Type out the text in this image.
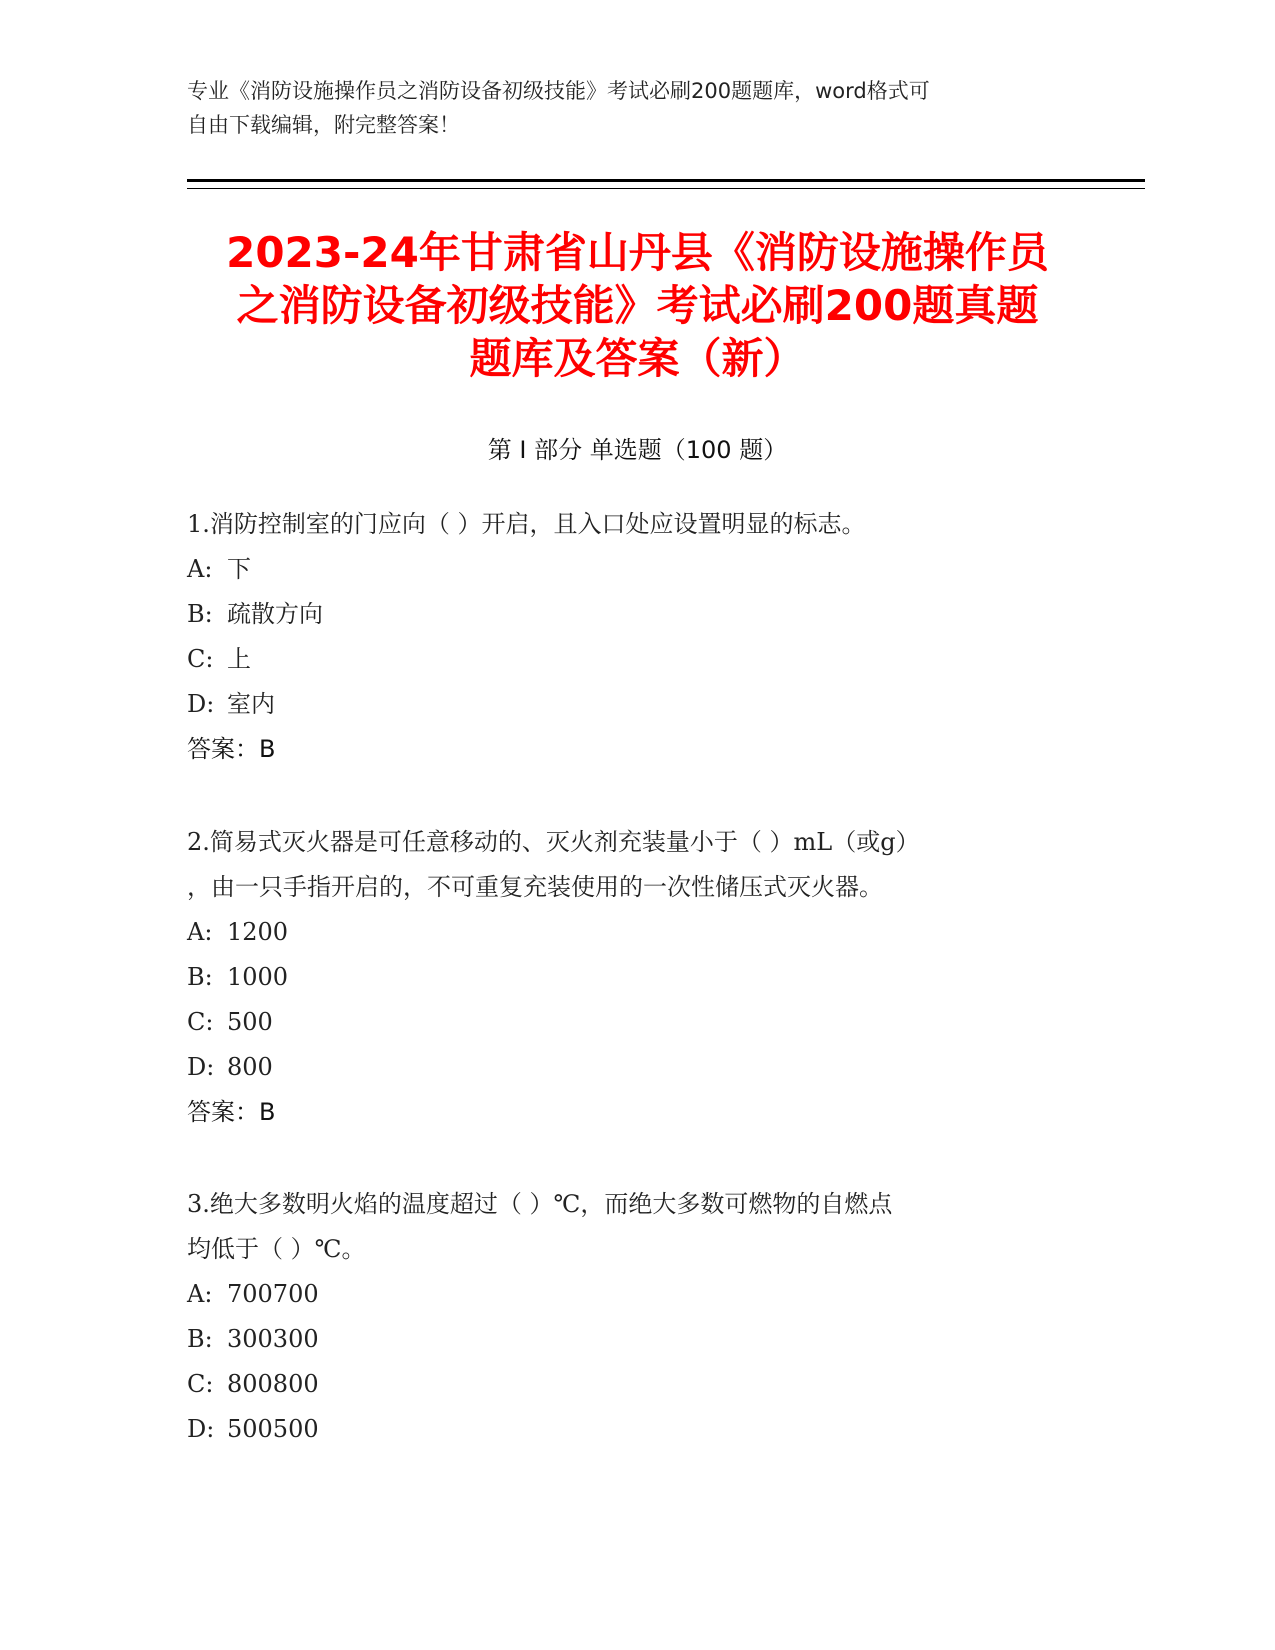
专业《消防设施操作员之消防设备初级技能》考试必刷200题题库，word格式可
自由下载编辑，附完整答案！
2023-24年甘肃省山丹县《消防设施操作员
之消防设备初级技能》考试必刷200题真题
题库及答案（新）
第 I 部分 单选题（100 题）
1.消防控制室的门应向（ ）开启，且入口处应设置明显的标志。
A: 下
B: 疏散方向
C: 上
D: 室内
答案：B
2.简易式灭火器是可任意移动的、灭火剂充装量小于（ ）mL（或g）
，由一只手指开启的，不可重复充装使用的一次性储压式灭火器。
A: 1200
B: 1000
C: 500
D: 800
答案：B
3.绝大多数明火焰的温度超过（ ）℃，而绝大多数可燃物的自燃点
均低于（ ）℃。
A: 700700
B: 300300
C: 800800
D: 500500
